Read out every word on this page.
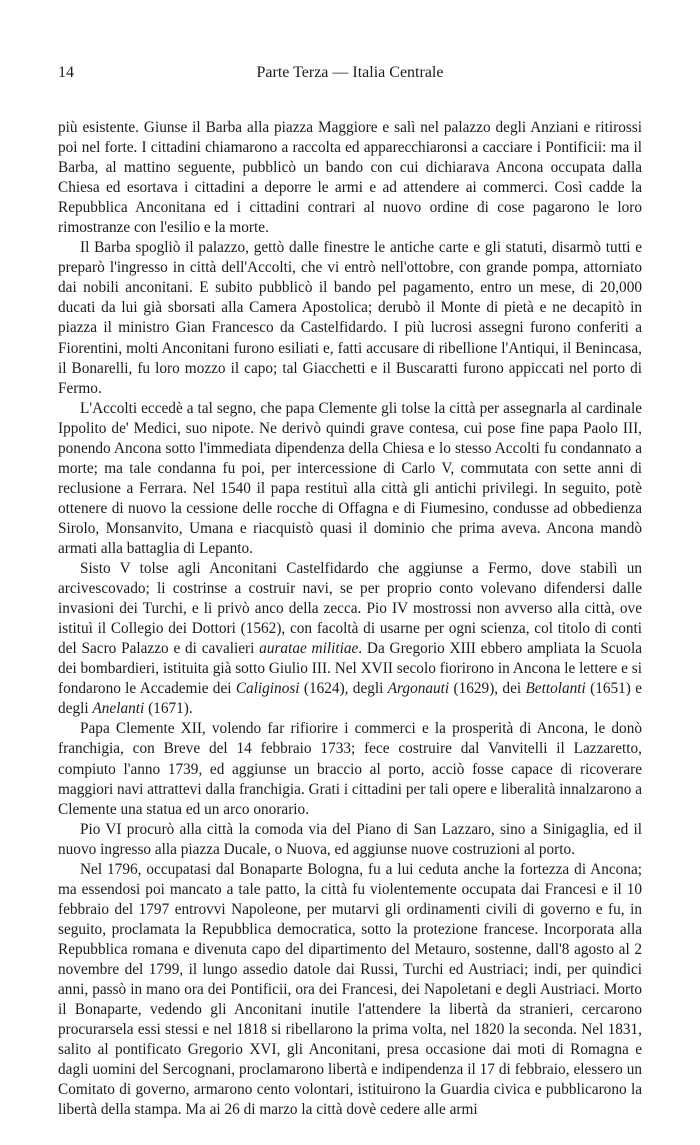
14	Parte Terza — Italia Centrale

più esistente. Giunse il Barba alla piazza Maggiore e salì nel palazzo degli Anziani e ritirossi poi nel forte. I cittadini chiamarono a raccolta ed apparecchiaronsi a cacciare i Pontificii: ma il Barba, al mattino seguente, pubblicò un bando con cui dichiarava Ancona occupata dalla Chiesa ed esortava i cittadini a deporre le armi e ad attendere ai commerci. Così cadde la Repubblica Anconitana ed i cittadini contrari al nuovo ordine di cose pagarono le loro rimostranze con l'esilio e la morte.

Il Barba spogliò il palazzo, gettò dalle finestre le antiche carte e gli statuti, disarmò tutti e preparò l'ingresso in città dell'Accolti, che vi entrò nell'ottobre, con grande pompa, attorniato dai nobili anconitani. E subito pubblicò il bando pel pagamento, entro un mese, di 20,000 ducati da lui già sborsati alla Camera Apostolica; derubò il Monte di pietà e ne decapitò in piazza il ministro Gian Francesco da Castelfidardo. I più lucrosi assegni furono conferiti a Fiorentini, molti Anconitani furono esiliati e, fatti accusare di ribellione l'Antiqui, il Benincasa, il Bonarelli, fu loro mozzo il capo; tal Giacchetti e il Buscaratti furono appiccati nel porto di Fermo.

L'Accolti eccedè a tal segno, che papa Clemente gli tolse la città per assegnarla al cardinale Ippolito de' Medici, suo nipote. Ne derivò quindi grave contesa, cui pose fine papa Paolo III, ponendo Ancona sotto l'immediata dipendenza della Chiesa e lo stesso Accolti fu condannato a morte; ma tale condanna fu poi, per intercessione di Carlo V, commutata con sette anni di reclusione a Ferrara. Nel 1540 il papa restituì alla città gli antichi privilegi. In seguito, potè ottenere di nuovo la cessione delle rocche di Offagna e di Fiumesino, condusse ad obbedienza Sirolo, Monsanvito, Umana e riacquistò quasi il dominio che prima aveva. Ancona mandò armati alla battaglia di Lepanto.

Sisto V tolse agli Anconitani Castelfidardo che aggiunse a Fermo, dove stabilì un arcivescovado; li costrinse a costruir navi, se per proprio conto volevano difendersi dalle invasioni dei Turchi, e li privò anco della zecca. Pio IV mostrossi non avverso alla città, ove istituì il Collegio dei Dottori (1562), con facoltà di usarne per ogni scienza, col titolo di conti del Sacro Palazzo e di cavalieri auratae militiae. Da Gregorio XIII ebbero ampliata la Scuola dei bombardieri, istituita già sotto Giulio III. Nel XVII secolo fiorirono in Ancona le lettere e si fondarono le Accademie dei Caliginosi (1624), degli Argonauti (1629), dei Bettolanti (1651) e degli Anelanti (1671).

Papa Clemente XII, volendo far rifiorire i commerci e la prosperità di Ancona, le donò franchigia, con Breve del 14 febbraio 1733; fece costruire dal Vanvitelli il Lazzaretto, compiuto l'anno 1739, ed aggiunse un braccio al porto, acciò fosse capace di ricoverare maggiori navi attrattevi dalla franchigia. Grati i cittadini per tali opere e liberalità innalzarono a Clemente una statua ed un arco onorario.

Pio VI procurò alla città la comoda via del Piano di San Lazzaro, sino a Sinigaglia, ed il nuovo ingresso alla piazza Ducale, o Nuova, ed aggiunse nuove costruzioni al porto.

Nel 1796, occupatasi dal Bonaparte Bologna, fu a lui ceduta anche la fortezza di Ancona; ma essendosi poi mancato a tale patto, la città fu violentemente occupata dai Francesi e il 10 febbraio del 1797 entrovvi Napoleone, per mutarvi gli ordinamenti civili di governo e fu, in seguito, proclamata la Repubblica democratica, sotto la protezione francese. Incorporata alla Repubblica romana e divenuta capo del dipartimento del Metauro, sostenne, dall'8 agosto al 2 novembre del 1799, il lungo assedio datole dai Russi, Turchi ed Austriaci; indi, per quindici anni, passò in mano ora dei Pontificii, ora dei Francesi, dei Napoletani e degli Austriaci. Morto il Bonaparte, vedendo gli Anconitani inutile l'attendere la libertà da stranieri, cercarono procurarsela essi stessi e nel 1818 si ribellarono la prima volta, nel 1820 la seconda. Nel 1831, salito al pontificato Gregorio XVI, gli Anconitani, presa occasione dai moti di Romagna e dagli uomini del Sercognani, proclamarono libertà e indipendenza il 17 di febbraio, elessero un Comitato di governo, armarono cento volontari, istituirono la Guardia civica e pubblicarono la libertà della stampa. Ma ai 26 di marzo la città dovè cedere alle armi
